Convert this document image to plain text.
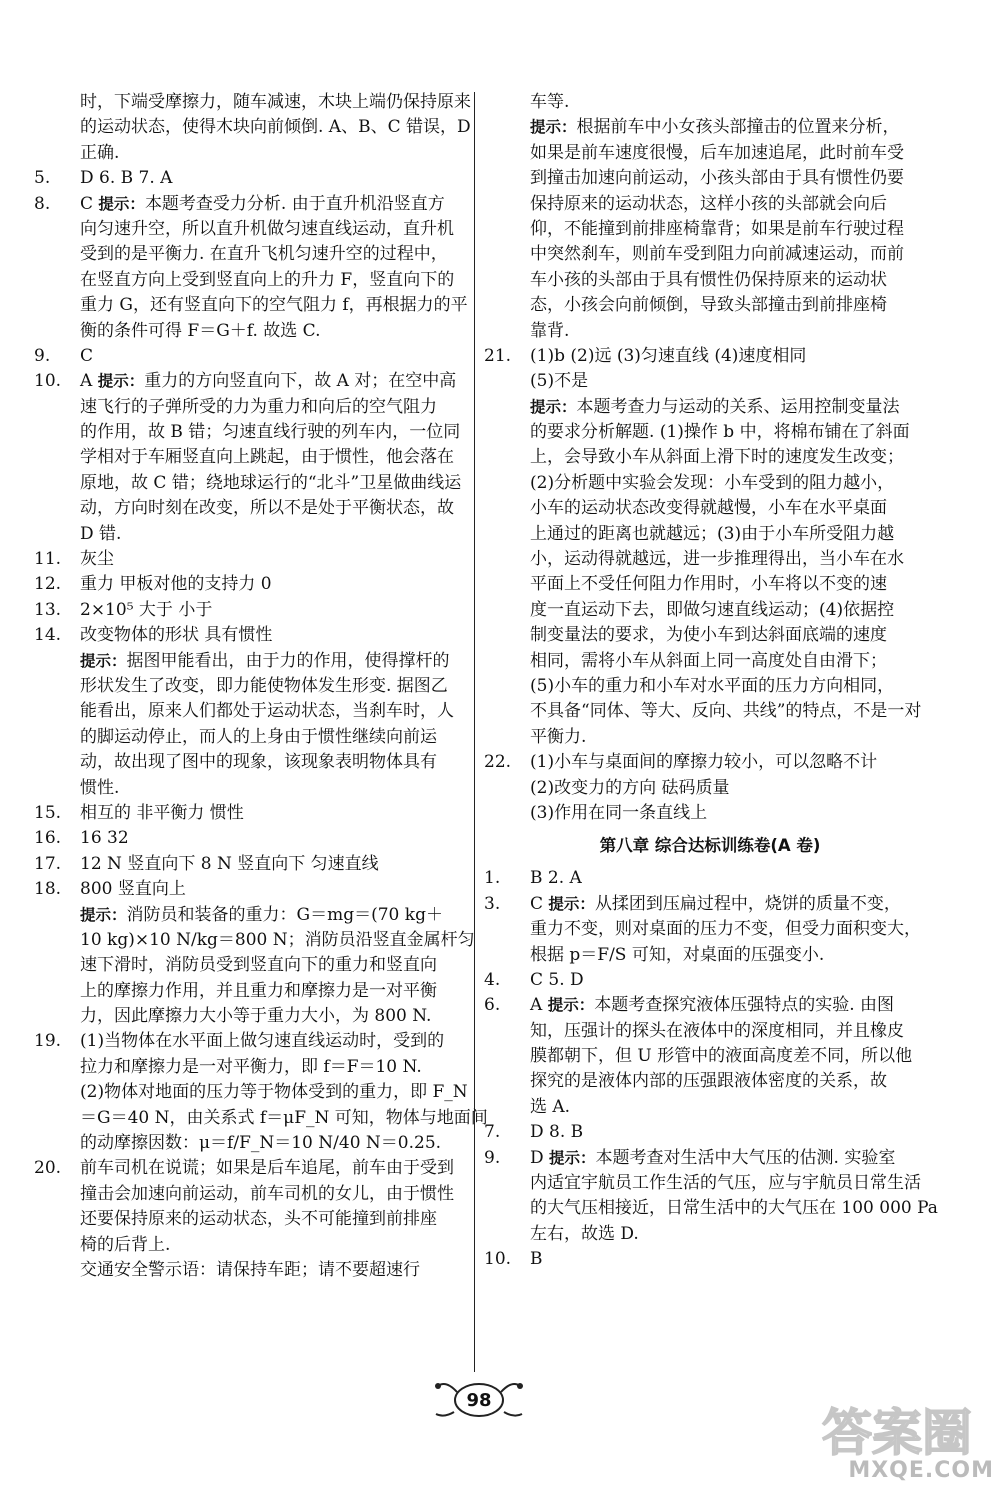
时，下端受摩擦力，随车减速，木块上端仍保持原来
的运动状态，使得木块向前倾倒. A、B、C 错误，D
正确.
5. D 6. B 7. A
8. C 提示：本题考查受力分析. 由于直升机沿竖直方
向匀速升空，所以直升机做匀速直线运动，直升机
受到的是平衡力. 在直升飞机匀速升空的过程中，
在竖直方向上受到竖直向上的升力 F，竖直向下的
重力 G，还有竖直向下的空气阻力 f，再根据力的平
衡的条件可得 F＝G＋f. 故选 C.
9. C
10. A 提示：重力的方向竖直向下，故 A 对；在空中高
速飞行的子弹所受的力为重力和向后的空气阻力
的作用，故 B 错；匀速直线行驶的列车内，一位同
学相对于车厢竖直向上跳起，由于惯性，他会落在
原地，故 C 错；绕地球运行的“北斗”卫星做曲线运
动，方向时刻在改变，所以不是处于平衡状态，故
D 错.
11. 灰尘
12. 重力 甲板对他的支持力 0
13. 2×10⁵ 大于 小于
14. 改变物体的形状 具有惯性
提示：据图甲能看出，由于力的作用，使得撑杆的
形状发生了改变，即力能使物体发生形变. 据图乙
能看出，原来人们都处于运动状态，当刹车时，人
的脚运动停止，而人的上身由于惯性继续向前运
动，故出现了图中的现象，该现象表明物体具有
惯性.
15. 相互的 非平衡力 惯性
16. 16 32
17. 12 N 竖直向下 8 N 竖直向下 匀速直线
18. 800 竖直向上
提示：消防员和装备的重力：G＝mg＝(70 kg＋
10 kg)×10 N/kg＝800 N；消防员沿竖直金属杆匀
速下滑时，消防员受到竖直向下的重力和竖直向
上的摩擦力作用，并且重力和摩擦力是一对平衡
力，因此摩擦力大小等于重力大小，为 800 N.
19. (1)当物体在水平面上做匀速直线运动时，受到的
拉力和摩擦力是一对平衡力，即 f＝F＝10 N.
(2)物体对地面的压力等于物体受到的重力，即 F_N
＝G＝40 N，由关系式 f＝μF_N 可知，物体与地面间
的动摩擦因数：μ＝f/F_N＝10 N/40 N＝0.25.
20. 前车司机在说谎；如果是后车追尾，前车由于受到
撞击会加速向前运动，前车司机的女儿，由于惯性
还要保持原来的运动状态，头不可能撞到前排座
椅的后背上.
交通安全警示语：请保持车距；请不要超速行
车等.
提示：根据前车中小女孩头部撞击的位置来分析，
如果是前车速度很慢，后车加速追尾，此时前车受
到撞击加速向前运动，小孩头部由于具有惯性仍要
保持原来的运动状态，这样小孩的头部就会向后
仰，不能撞到前排座椅靠背；如果是前车行驶过程
中突然刹车，则前车受到阻力向前减速运动，而前
车小孩的头部由于具有惯性仍保持原来的运动状
态，小孩会向前倾倒，导致头部撞击到前排座椅
靠背.
21. (1)b (2)远 (3)匀速直线 (4)速度相同
(5)不是
提示：本题考查力与运动的关系、运用控制变量法
的要求分析解题. (1)操作 b 中，将棉布铺在了斜面
上，会导致小车从斜面上滑下时的速度发生改变；
(2)分析题中实验会发现：小车受到的阻力越小，
小车的运动状态改变得就越慢，小车在水平桌面
上通过的距离也就越远；(3)由于小车所受阻力越
小，运动得就越远，进一步推理得出，当小车在水
平面上不受任何阻力作用时，小车将以不变的速
度一直运动下去，即做匀速直线运动；(4)依据控
制变量法的要求，为使小车到达斜面底端的速度
相同，需将小车从斜面上同一高度处自由滑下；
(5)小车的重力和小车对水平面的压力方向相同，
不具备“同体、等大、反向、共线”的特点，不是一对
平衡力.
22. (1)小车与桌面间的摩擦力较小，可以忽略不计
(2)改变力的方向 砝码质量
(3)作用在同一条直线上
第八章 综合达标训练卷(A 卷)
1. B 2. A
3. C 提示：从揉团到压扁过程中，烧饼的质量不变，
重力不变，则对桌面的压力不变，但受力面积变大，
根据 p＝F/S 可知，对桌面的压强变小.
4. C 5. D
6. A 提示：本题考查探究液体压强特点的实验. 由图
知，压强计的探头在液体中的深度相同，并且橡皮
膜都朝下，但 U 形管中的液面高度差不同，所以他
探究的是液体内部的压强跟液体密度的关系，故
选 A.
7. D 8. B
9. D 提示：本题考查对生活中大气压的估测. 实验室
内适宜宇航员工作生活的气压，应与宇航员日常生活
的大气压相接近，日常生活中的大气压在 100 000 Pa
左右，故选 D.
10. B
98
答案圈
MXQE.COM
